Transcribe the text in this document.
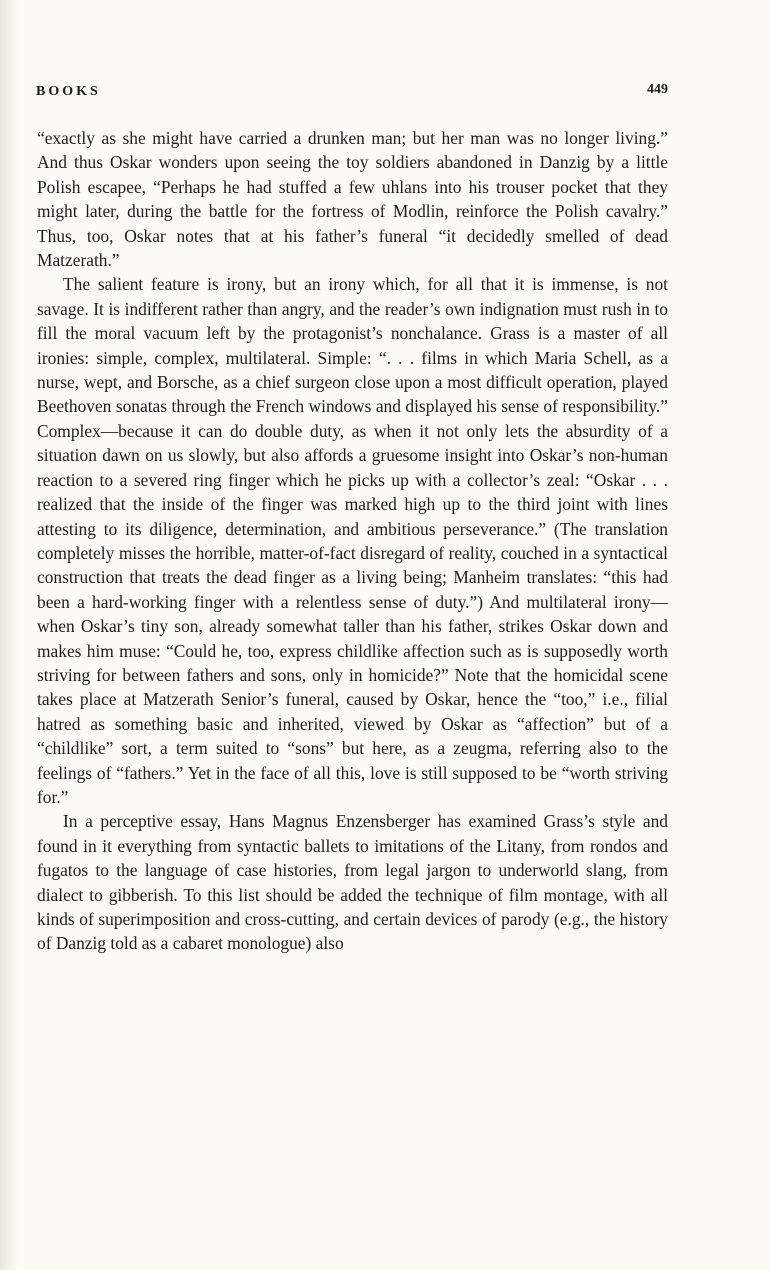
BOOKS	449

“exactly as she might have carried a drunken man; but her man was no longer living.” And thus Oskar wonders upon seeing the toy soldiers abandoned in Danzig by a little Polish escapee, “Perhaps he had stuffed a few uhlans into his trouser pocket that they might later, during the battle for the fortress of Modlin, reinforce the Polish cavalry.” Thus, too, Oskar notes that at his father’s funeral “it decidedly smelled of dead Matzerath.”

The salient feature is irony, but an irony which, for all that it is immense, is not savage. It is indifferent rather than angry, and the reader’s own indignation must rush in to fill the moral vacuum left by the protagonist’s nonchalance. Grass is a master of all ironies: simple, complex, multilateral. Simple: “. . . films in which Maria Schell, as a nurse, wept, and Borsche, as a chief surgeon close upon a most difficult operation, played Beethoven sonatas through the French windows and displayed his sense of responsibility.” Complex—because it can do double duty, as when it not only lets the absurdity of a situation dawn on us slowly, but also affords a gruesome insight into Oskar’s non-human reaction to a severed ring finger which he picks up with a collector’s zeal: “Oskar . . . realized that the inside of the finger was marked high up to the third joint with lines attesting to its diligence, determination, and ambitious perseverance.” (The translation completely misses the horrible, matter-of-fact disregard of reality, couched in a syntactical construction that treats the dead finger as a living being; Manheim translates: “this had been a hard-working finger with a relentless sense of duty.”) And multilateral irony—when Oskar’s tiny son, already somewhat taller than his father, strikes Oskar down and makes him muse: “Could he, too, express childlike affection such as is supposedly worth striving for between fathers and sons, only in homicide?” Note that the homicidal scene takes place at Matzerath Senior’s funeral, caused by Oskar, hence the “too,” i.e., filial hatred as something basic and inherited, viewed by Oskar as “affection” but of a “childlike” sort, a term suited to “sons” but here, as a zeugma, referring also to the feelings of “fathers.” Yet in the face of all this, love is still supposed to be “worth striving for.”

In a perceptive essay, Hans Magnus Enzensberger has examined Grass’s style and found in it everything from syntactic ballets to imitations of the Litany, from rondos and fugatos to the language of case histories, from legal jargon to underworld slang, from dialect to gibberish. To this list should be added the technique of film montage, with all kinds of superimposition and cross-cutting, and certain devices of parody (e.g., the history of Danzig told as a cabaret monologue) also
